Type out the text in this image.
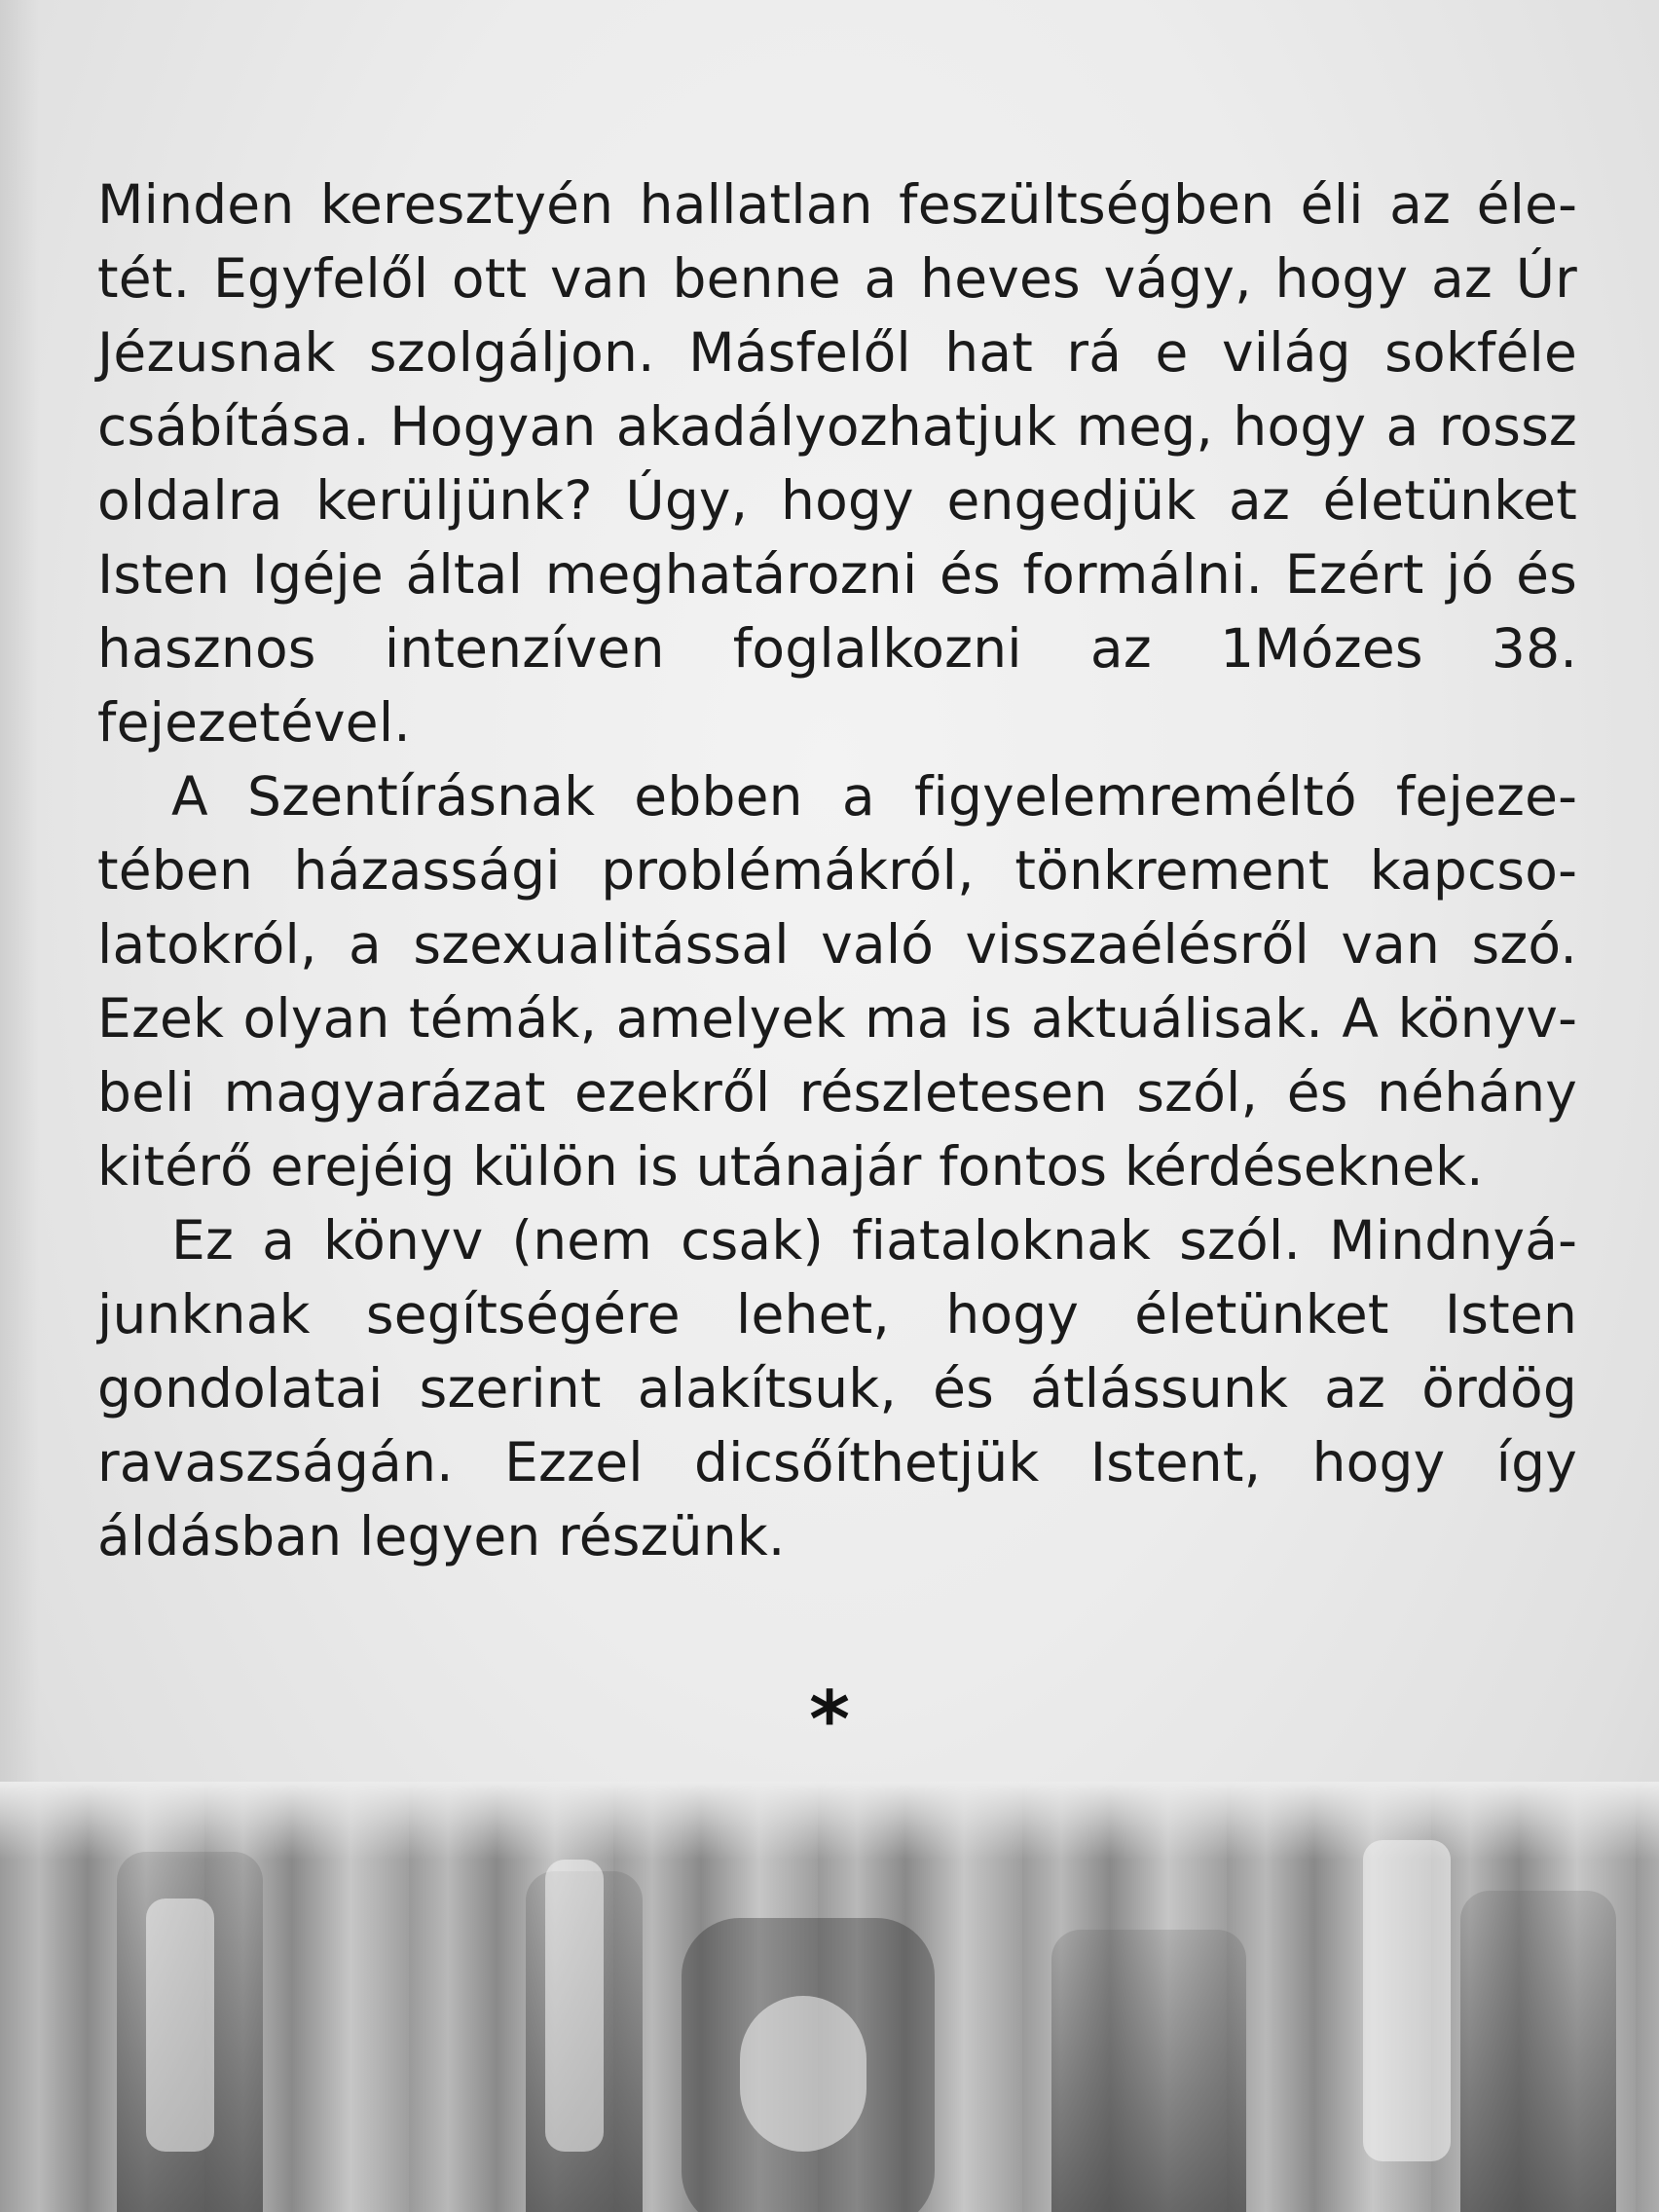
Minden keresztyén hallatlan feszültségben éli az életét. Egyfelől ott van benne a heves vágy, hogy az Úr Jézusnak szolgáljon. Másfelől hat rá e világ sokféle csábítása. Hogyan akadályozhatjuk meg, hogy a rossz oldalra kerüljünk? Úgy, hogy engedjük az életünket Isten Igéje által meghatározni és formálni. Ezért jó és hasznos intenzíven foglalkozni az 1Mózes 38. fejezetével.

A Szentírásnak ebben a figyelemreméltó fejezetében házassági problémákról, tönkrement kapcsolatokról, a szexualitással való visszaélésről van szó. Ezek olyan témák, amelyek ma is aktuálisak. A könyvbeli magyarázat ezekről részletesen szól, és néhány kitérő erejéig külön is utánajár fontos kérdéseknek.

Ez a könyv (nem csak) fiataloknak szól. Mindnyájunknak segítségére lehet, hogy életünket Isten gondolatai szerint alakítsuk, és átlássunk az ördög ravaszságán. Ezzel dicsőíthetjük Istent, hogy így áldásban legyen részünk.

*
